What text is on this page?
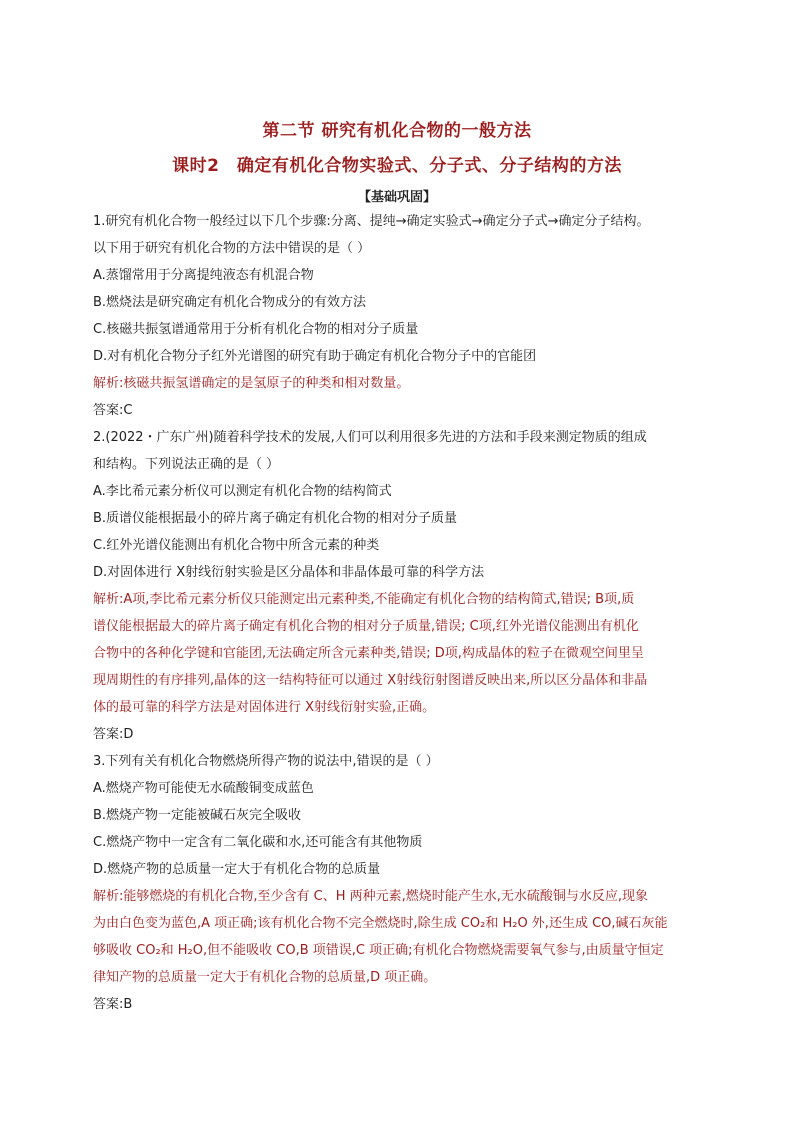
第二节 研究有机化合物的一般方法
课时2　确定有机化合物实验式、分子式、分子结构的方法
【基础巩固】
1.研究有机化合物一般经过以下几个步骤:分离、提纯→确定实验式→确定分子式→确定分子结构。
以下用于研究有机化合物的方法中错误的是（ ）
A.蒸馏常用于分离提纯液态有机混合物
B.燃烧法是研究确定有机化合物成分的有效方法
C.核磁共振氢谱通常用于分析有机化合物的相对分子质量
D.对有机化合物分子红外光谱图的研究有助于确定有机化合物分子中的官能团
解析:核磁共振氢谱确定的是氢原子的种类和相对数量。
答案:C
2.(2022・广东广州)随着科学技术的发展,人们可以利用很多先进的方法和手段来测定物质的组成
和结构。下列说法正确的是（ ）
A.李比希元素分析仪可以测定有机化合物的结构简式
B.质谱仪能根据最小的碎片离子确定有机化合物的相对分子质量
C.红外光谱仪能测出有机化合物中所含元素的种类
D.对固体进行 X射线衍射实验是区分晶体和非晶体最可靠的科学方法
解析:A项,李比希元素分析仪只能测定出元素种类,不能确定有机化合物的结构简式,错误; B项,质
谱仪能根据最大的碎片离子确定有机化合物的相对分子质量,错误; C项,红外光谱仪能测出有机化
合物中的各种化学键和官能团,无法确定所含元素种类,错误; D项,构成晶体的粒子在微观空间里呈
现周期性的有序排列,晶体的这一结构特征可以通过 X射线衍射图谱反映出来,所以区分晶体和非晶
体的最可靠的科学方法是对固体进行 X射线衍射实验,正确。
答案:D
3.下列有关有机化合物燃烧所得产物的说法中,错误的是（ ）
A.燃烧产物可能使无水硫酸铜变成蓝色
B.燃烧产物一定能被碱石灰完全吸收
C.燃烧产物中一定含有二氧化碳和水,还可能含有其他物质
D.燃烧产物的总质量一定大于有机化合物的总质量
解析:能够燃烧的有机化合物,至少含有 C、H 两种元素,燃烧时能产生水,无水硫酸铜与水反应,现象
为由白色变为蓝色,A 项正确;该有机化合物不完全燃烧时,除生成 CO₂和 H₂O 外,还生成 CO,碱石灰能
够吸收 CO₂和 H₂O,但不能吸收 CO,B 项错误,C 项正确;有机化合物燃烧需要氧气参与,由质量守恒定
律知产物的总质量一定大于有机化合物的总质量,D 项正确。
答案:B
